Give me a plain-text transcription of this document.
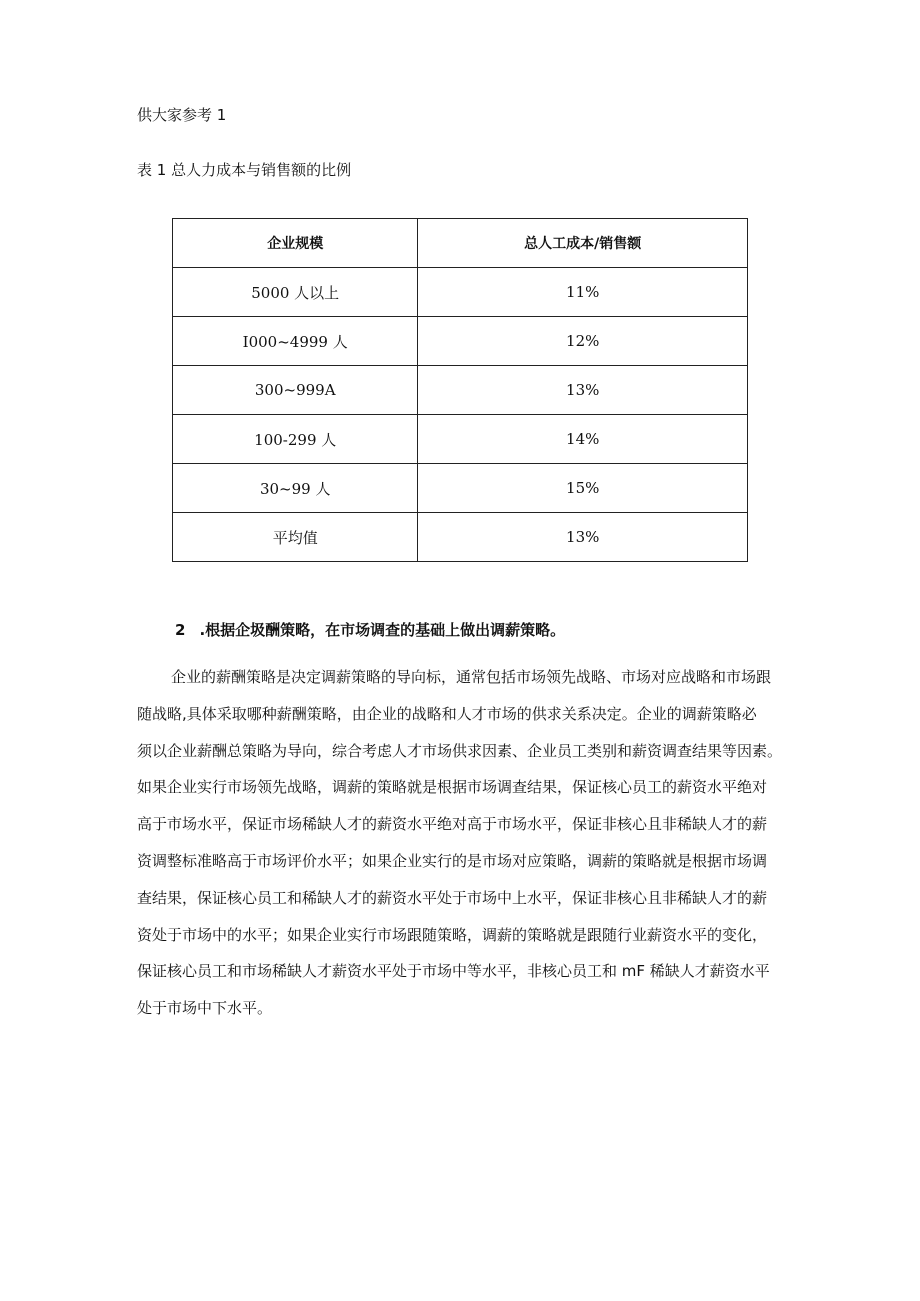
供大家参考 1
表 1 总人力成本与销售额的比例
企业规模	总人工成本/销售额
5000 人以上	11%
I000~4999 人	12%
300~999A	13%
100-299 人	14%
30~99 人	15%
平均值	13%
2 .根据企圾酬策略，在市场调查的基础上做出调薪策略。
企业的薪酬策略是决定调薪策略的导向标，通常包括市场领先战略、市场对应战略和市场跟
随战略,具体采取哪种薪酬策略，由企业的战略和人才市场的供求关系决定。企业的调薪策略必
须以企业薪酬总策略为导向，综合考虑人才市场供求因素、企业员工类别和薪资调查结果等因素。
如果企业实行市场领先战略，调薪的策略就是根据市场调查结果，保证核心员工的薪资水平绝对
高于市场水平，保证市场稀缺人才的薪资水平绝对高于市场水平，保证非核心且非稀缺人才的薪
资调整标准略高于市场评价水平；如果企业实行的是市场对应策略，调薪的策略就是根据市场调
查结果，保证核心员工和稀缺人才的薪资水平处于市场中上水平，保证非核心且非稀缺人才的薪
资处于市场中的水平；如果企业实行市场跟随策略，调薪的策略就是跟随行业薪资水平的变化，
保证核心员工和市场稀缺人才薪资水平处于市场中等水平，非核心员工和 mF 稀缺人才薪资水平
处于市场中下水平。
